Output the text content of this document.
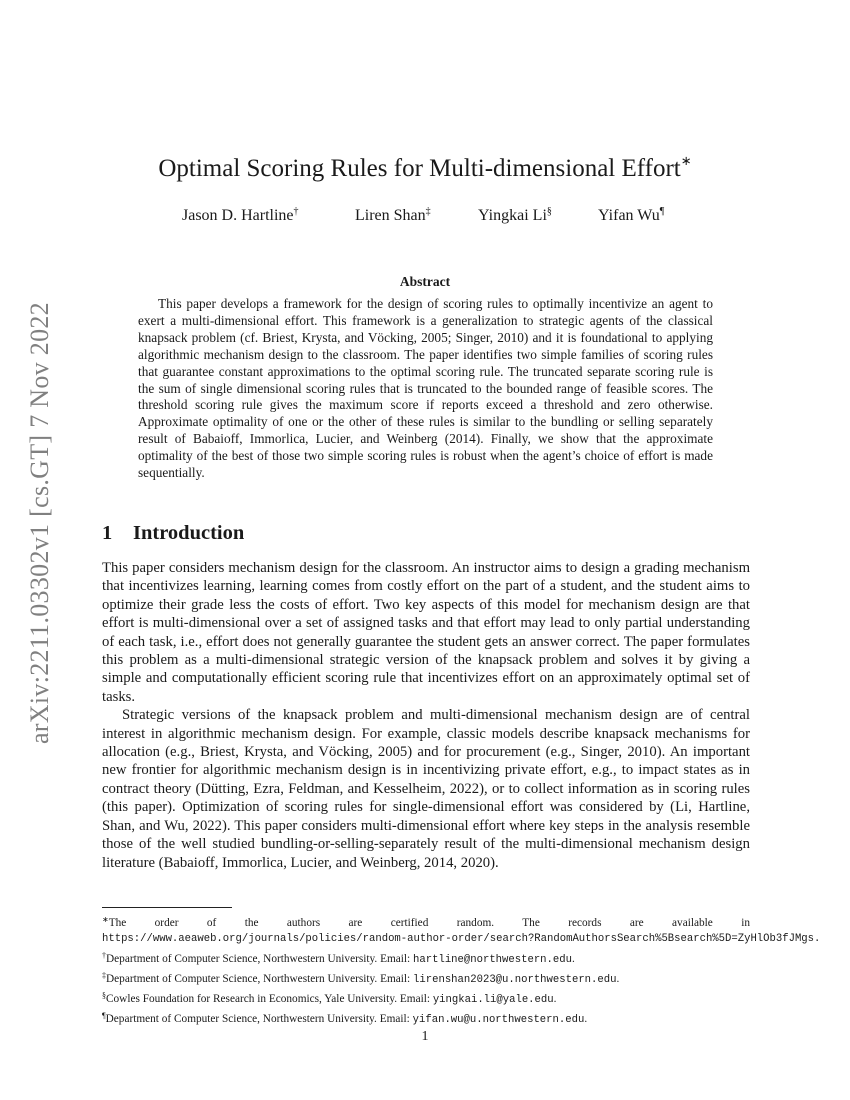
arXiv:2211.03302v1 [cs.GT] 7 Nov 2022
Optimal Scoring Rules for Multi-dimensional Effort∗
Jason D. Hartline†	Liren Shan‡	Yingkai Li§	Yifan Wu¶
Abstract
This paper develops a framework for the design of scoring rules to optimally incentivize an agent to exert a multi-dimensional effort. This framework is a generalization to strategic agents of the classical knapsack problem (cf. Briest, Krysta, and Vöcking, 2005; Singer, 2010) and it is foundational to applying algorithmic mechanism design to the classroom. The paper identifies two simple families of scoring rules that guarantee constant approximations to the optimal scoring rule. The truncated separate scoring rule is the sum of single dimensional scoring rules that is truncated to the bounded range of feasible scores. The threshold scoring rule gives the maximum score if reports exceed a threshold and zero otherwise. Approximate optimality of one or the other of these rules is similar to the bundling or selling separately result of Babaioff, Immorlica, Lucier, and Weinberg (2014). Finally, we show that the approximate optimality of the best of those two simple scoring rules is robust when the agent’s choice of effort is made sequentially.
1 Introduction

This paper considers mechanism design for the classroom. An instructor aims to design a grading mechanism that incentivizes learning, learning comes from costly effort on the part of a student, and the student aims to optimize their grade less the costs of effort. Two key aspects of this model for mechanism design are that effort is multi-dimensional over a set of assigned tasks and that effort may lead to only partial understanding of each task, i.e., effort does not generally guarantee the student gets an answer correct. The paper formulates this problem as a multi-dimensional strategic version of the knapsack problem and solves it by giving a simple and computationally efficient scoring rule that incentivizes effort on an approximately optimal set of tasks.

Strategic versions of the knapsack problem and multi-dimensional mechanism design are of central interest in algorithmic mechanism design. For example, classic models describe knapsack mechanisms for allocation (e.g., Briest, Krysta, and Vöcking, 2005) and for procurement (e.g., Singer, 2010). An important new frontier for algorithmic mechanism design is in incentivizing private effort, e.g., to impact states as in contract theory (Dütting, Ezra, Feldman, and Kesselheim, 2022), or to collect information as in scoring rules (this paper). Optimization of scoring rules for single-dimensional effort was considered by (Li, Hartline, Shan, and Wu, 2022). This paper considers multi-dimensional effort where key steps in the analysis resemble those of the well studied bundling-or-selling-separately result of the multi-dimensional mechanism design literature (Babaioff, Immorlica, Lucier, and Weinberg, 2014, 2020).

∗The order of the authors are certified random. The records are available in
https://www.aeaweb.org/journals/policies/random-author-order/search?RandomAuthorsSearch%5Bsearch%5D=ZyHlOb3fJMgs.
†Department of Computer Science, Northwestern University. Email: hartline@northwestern.edu.
‡Department of Computer Science, Northwestern University. Email: lirenshan2023@u.northwestern.edu.
§Cowles Foundation for Research in Economics, Yale University. Email: yingkai.li@yale.edu.
¶Department of Computer Science, Northwestern University. Email: yifan.wu@u.northwestern.edu.
1
